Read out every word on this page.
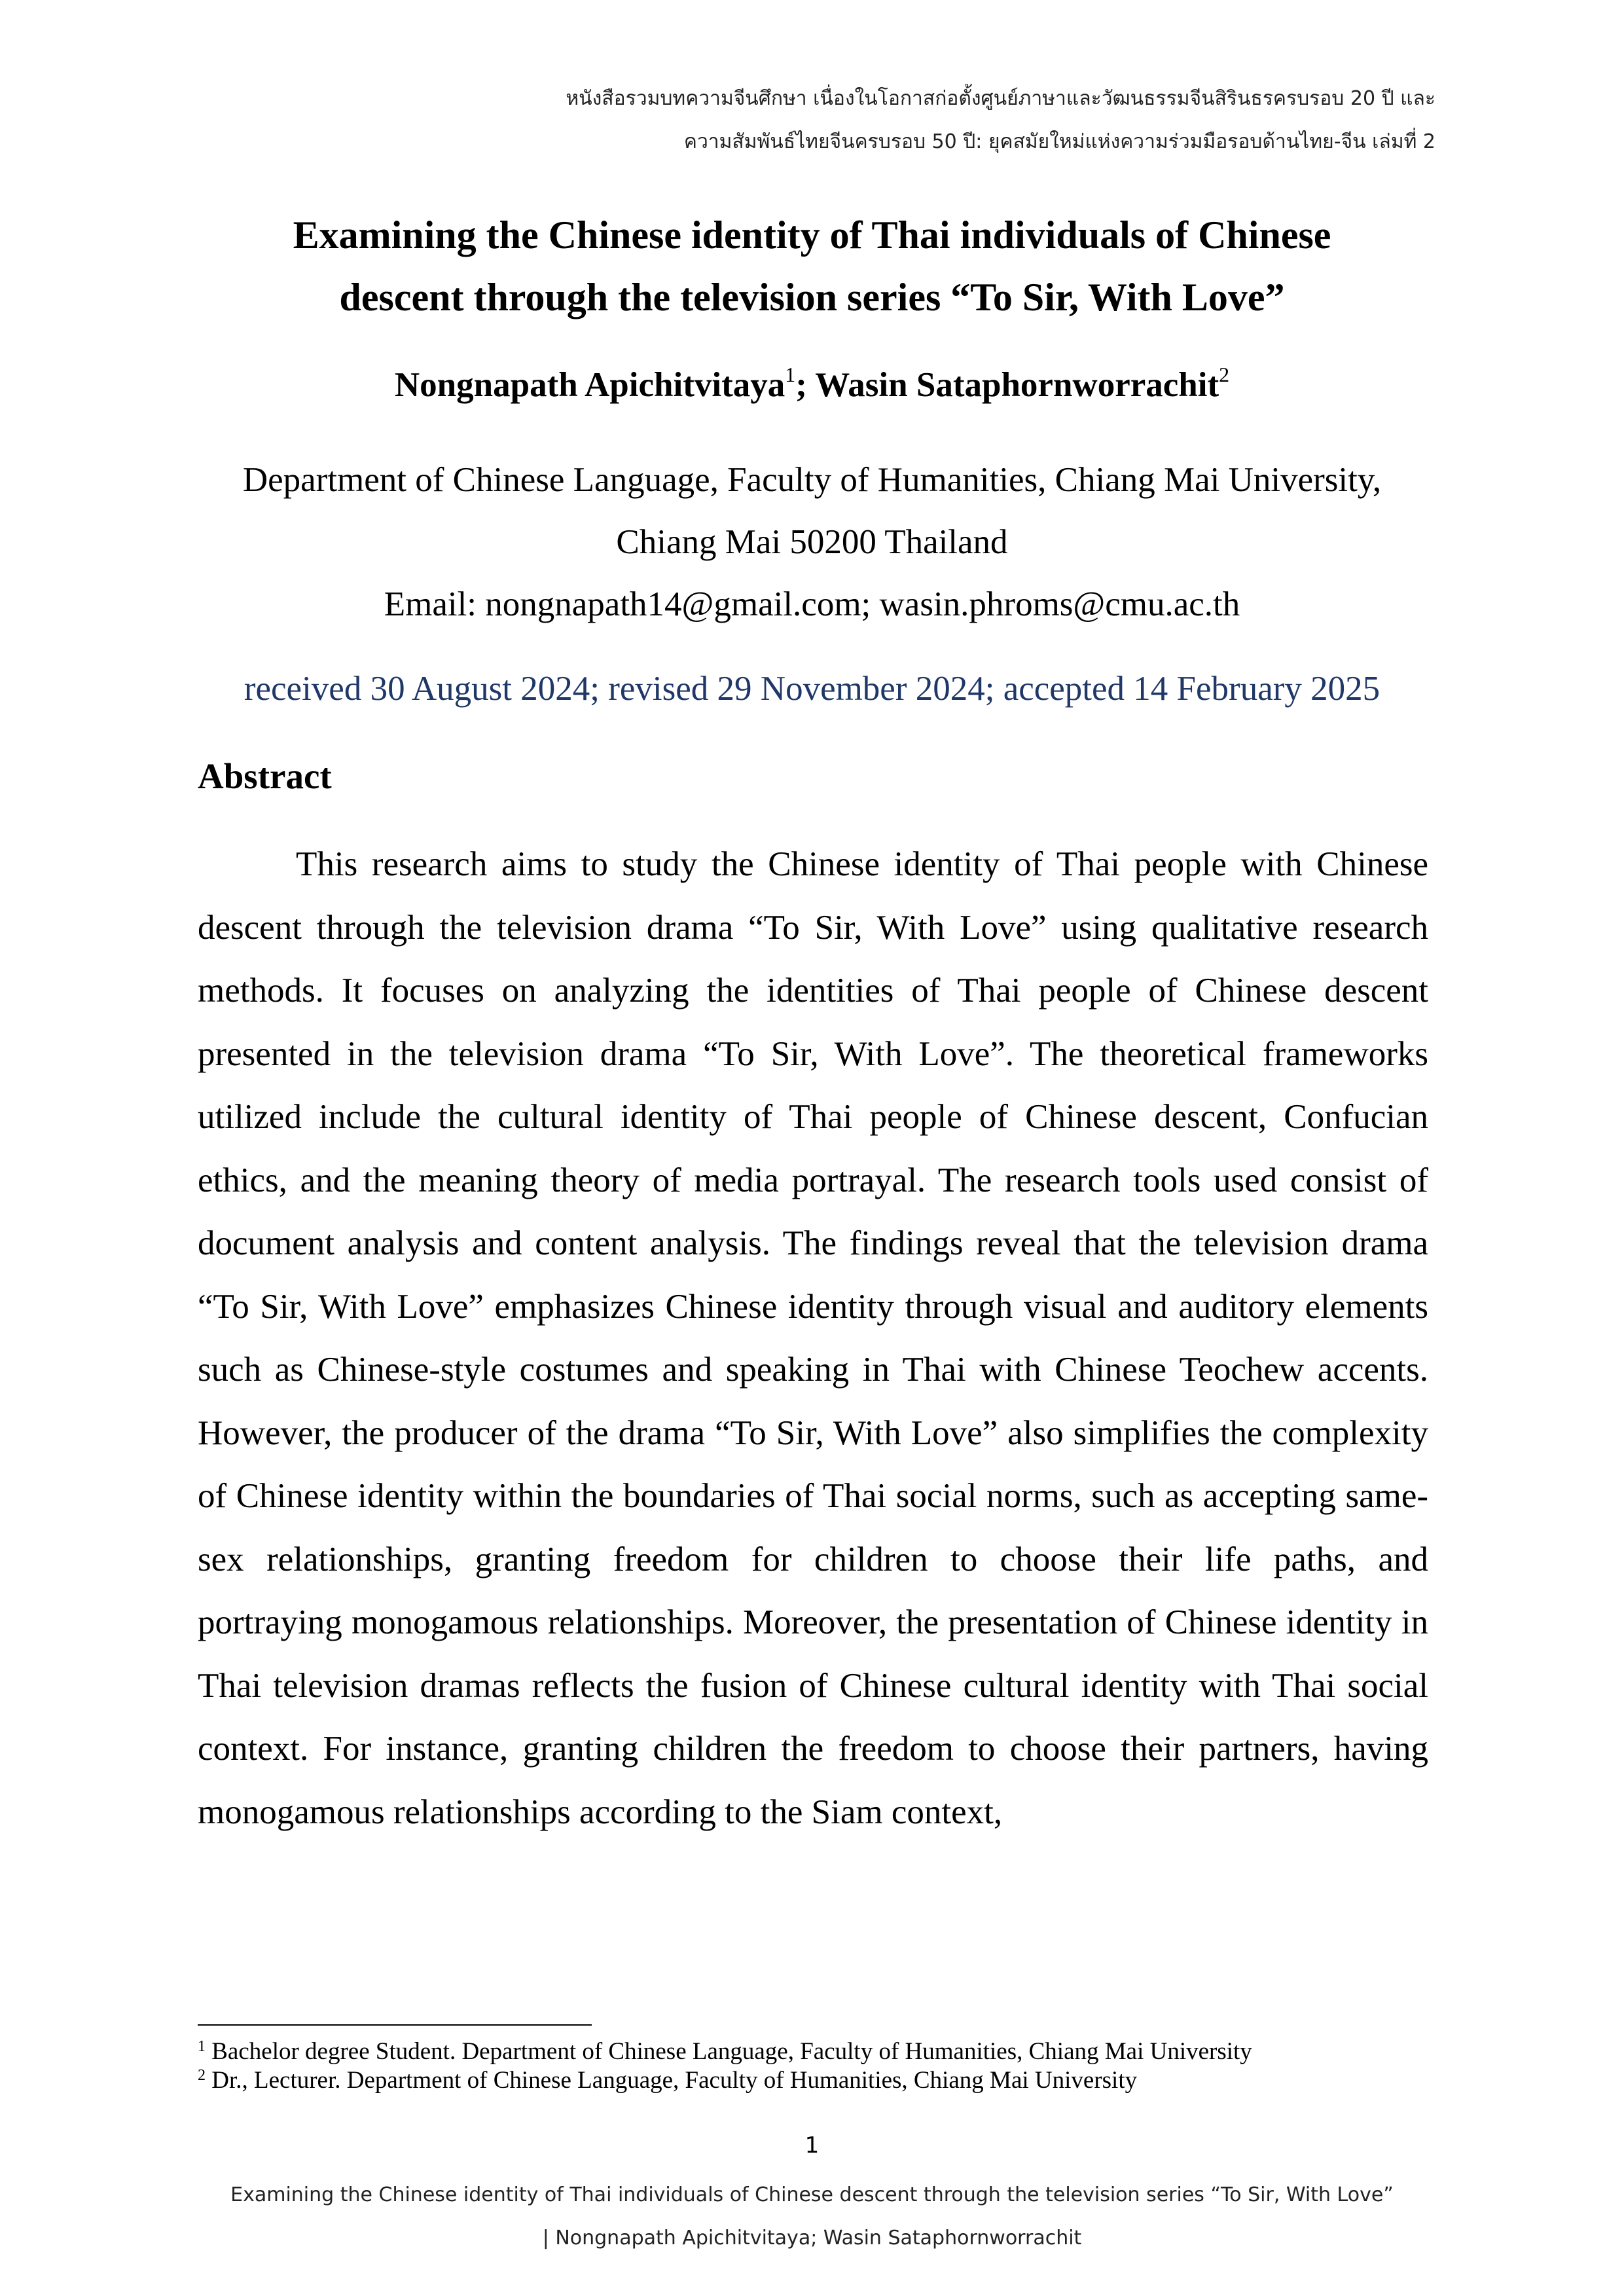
หนังสือรวมบทความจีนศึกษา เนื่องในโอกาสก่อตั้งศูนย์ภาษาและวัฒนธรรมจีนสิรินธรครบรอบ 20 ปี และ
ความสัมพันธ์ไทยจีนครบรอบ 50 ปี: ยุคสมัยใหม่แห่งความร่วมมือรอบด้านไทย-จีน เล่มที่ 2
Examining the Chinese identity of Thai individuals of Chinese
descent through the television series “To Sir, With Love”
Nongnapath Apichitvitaya$^1$; Wasin Sataphornworrachit$^2$
Department of Chinese Language, Faculty of Humanities, Chiang Mai University,
Chiang Mai 50200 Thailand
Email: nongnapath14@gmail.com; wasin.phroms@cmu.ac.th
received 30 August 2024; revised 29 November 2024; accepted 14 February 2025
Abstract

This research aims to study the Chinese identity of Thai people with Chinese descent through the television drama “To Sir, With Love” using qualitative research methods. It focuses on analyzing the identities of Thai people of Chinese descent presented in the television drama “To Sir, With Love”. The theoretical frameworks utilized include the cultural identity of Thai people of Chinese descent, Confucian ethics, and the meaning theory of media portrayal. The research tools used consist of document analysis and content analysis. The findings reveal that the television drama “To Sir, With Love” emphasizes Chinese identity through visual and auditory elements such as Chinese-style costumes and speaking in Thai with Chinese Teochew accents. However, the producer of the drama “To Sir, With Love” also simplifies the complexity of Chinese identity within the boundaries of Thai social norms, such as accepting same-sex relationships, granting freedom for children to choose their life paths, and portraying monogamous relationships. Moreover, the presentation of Chinese identity in Thai television dramas reflects the fusion of Chinese cultural identity with Thai social context. For instance, granting children the freedom to choose their partners, having monogamous relationships according to the Siam context,

$^1$ Bachelor degree Student. Department of Chinese Language, Faculty of Humanities, Chiang Mai University
$^2$ Dr., Lecturer. Department of Chinese Language, Faculty of Humanities, Chiang Mai University
1
Examining the Chinese identity of Thai individuals of Chinese descent through the television series “To Sir, With Love”
| Nongnapath Apichitvitaya; Wasin Sataphornworrachit
